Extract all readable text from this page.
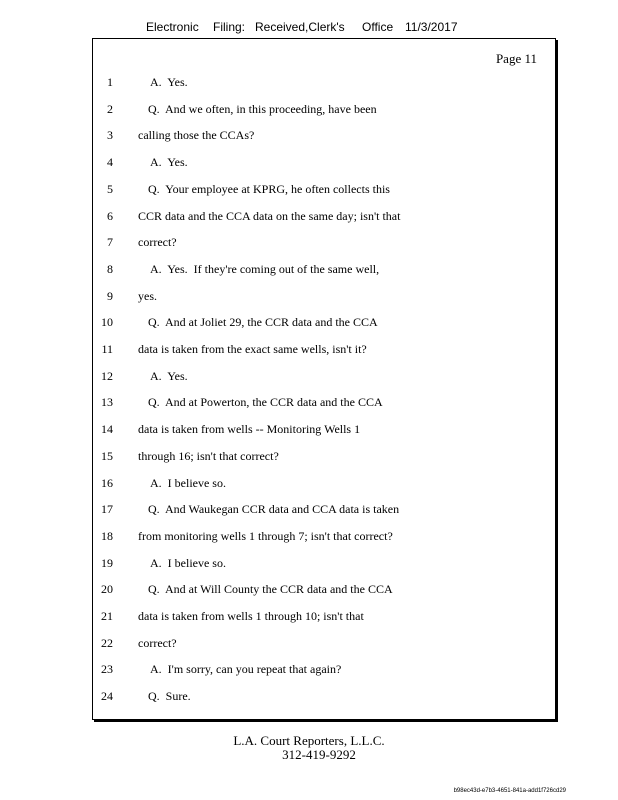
Electronic Filing: Received,Clerk's Office 11/3/2017
Page 11
1	A.  Yes.
2	Q.  And we often, in this proceeding, have been
3 calling those the CCAs?
4	A.  Yes.
5	Q.  Your employee at KPRG, he often collects this
6 CCR data and the CCA data on the same day; isn't that
7 correct?
8	A.  Yes.  If they're coming out of the same well,
9 yes.
10	Q.  And at Joliet 29, the CCR data and the CCA
11 data is taken from the exact same wells, isn't it?
12	A.  Yes.
13	Q.  And at Powerton, the CCR data and the CCA
14 data is taken from wells -- Monitoring Wells 1
15 through 16; isn't that correct?
16	A.  I believe so.
17	Q.  And Waukegan CCR data and CCA data is taken
18 from monitoring wells 1 through 7; isn't that correct?
19	A.  I believe so.
20	Q.  And at Will County the CCR data and the CCA
21 data is taken from wells 1 through 10; isn't that
22 correct?
23	A.  I'm sorry, can you repeat that again?
24	Q.  Sure.
L.A. Court Reporters, L.L.C.
312-419-9292
b98ec43d-e7b3-4651-841a-add1f726cd29
